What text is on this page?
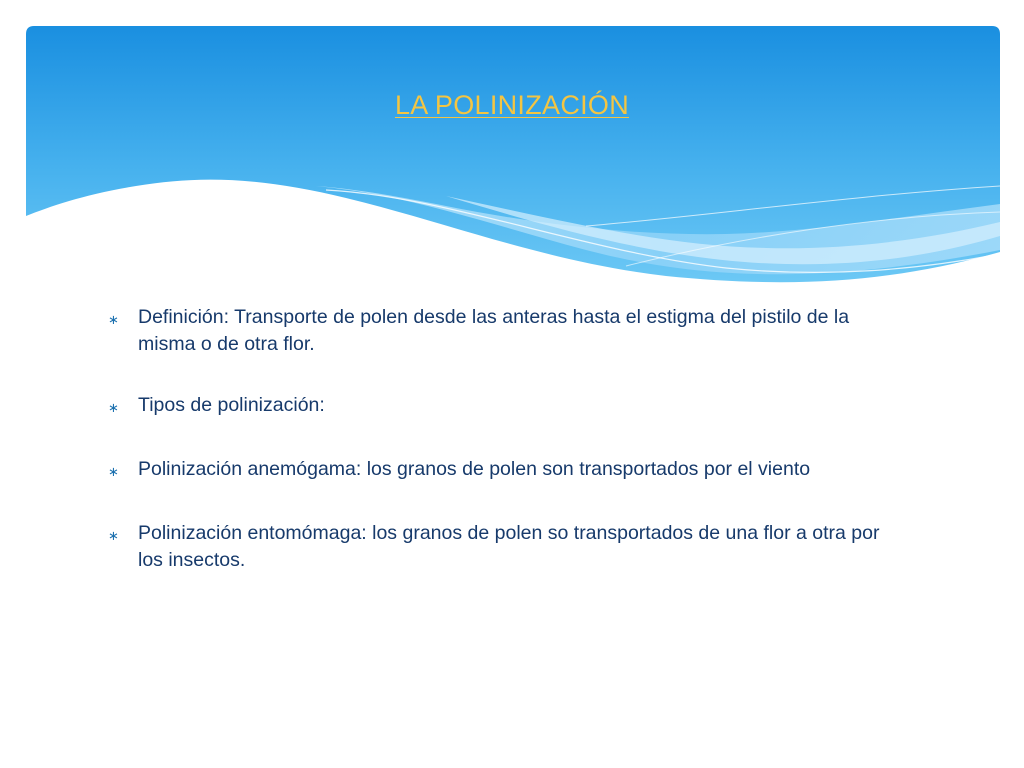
LA POLINIZACIÓN
∗ Definición: Transporte de polen desde las anteras hasta el estigma del pistilo de la misma o de otra flor.
∗ Tipos de polinización:
∗ Polinización anemógama: los granos de polen son transportados por el viento
∗ Polinización entomómaga: los granos de polen so transportados de una flor a otra por los insectos.
